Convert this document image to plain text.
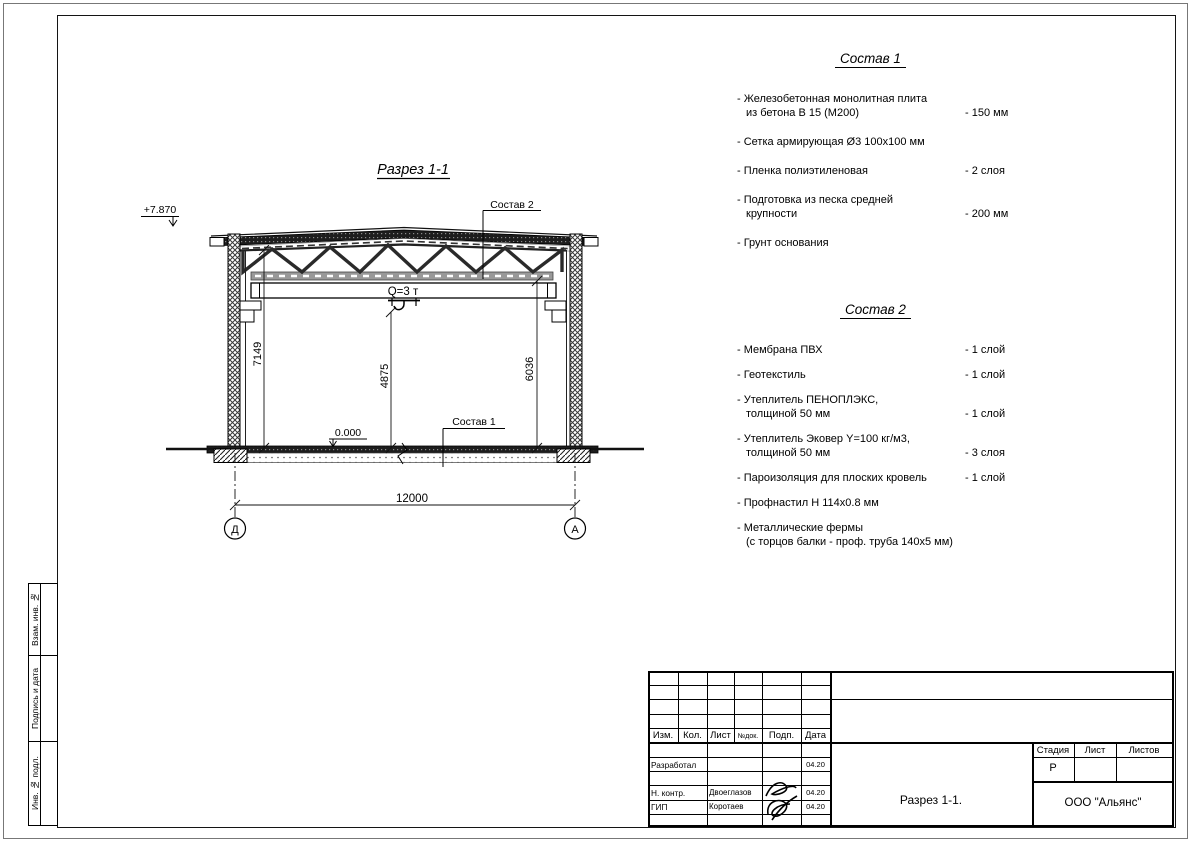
Q=3 т
7149
4875	6036
12000
Д	А
+7.870
0.000
Состав 2
Состав 1
Разрез 1-1
Состав 1
- Железобетонная монолитная плита
из бетона В 15 (М200)	- 150 мм
- Сетка армирующая Ø3 100х100 мм
- Пленка полиэтиленовая	- 2 слоя
- Подготовка из песка средней
крупности	- 200 мм
- Грунт основания
Состав 2
- Мембрана ПВХ	- 1 слой
- Геотекстиль	- 1 слой
- Утеплитель ПЕНОПЛЭКС,
толщиной 50 мм	- 1 слой
- Утеплитель Эковер Y=100 кг/м3,
толщиной 50 мм	- 3 слоя
- Пароизоляция для плоских кровель	- 1 слой
- Профнастил Н 114х0.8 мм
- Металлические фермы
(с торцов балки - проф. труба 140х5 мм)
Изм.	Кол. Лист №док.	Подп.	Дата
Разработал	04.20
Н. контр.	Двоеглазов	04.20
ГИП	Коротаев	04.20
Стадия	Лист	Листов
Р
Разрез 1-1.	ООО "Альянс"
Взам. инв. №
Подпись и дата
Инв. № подл.
